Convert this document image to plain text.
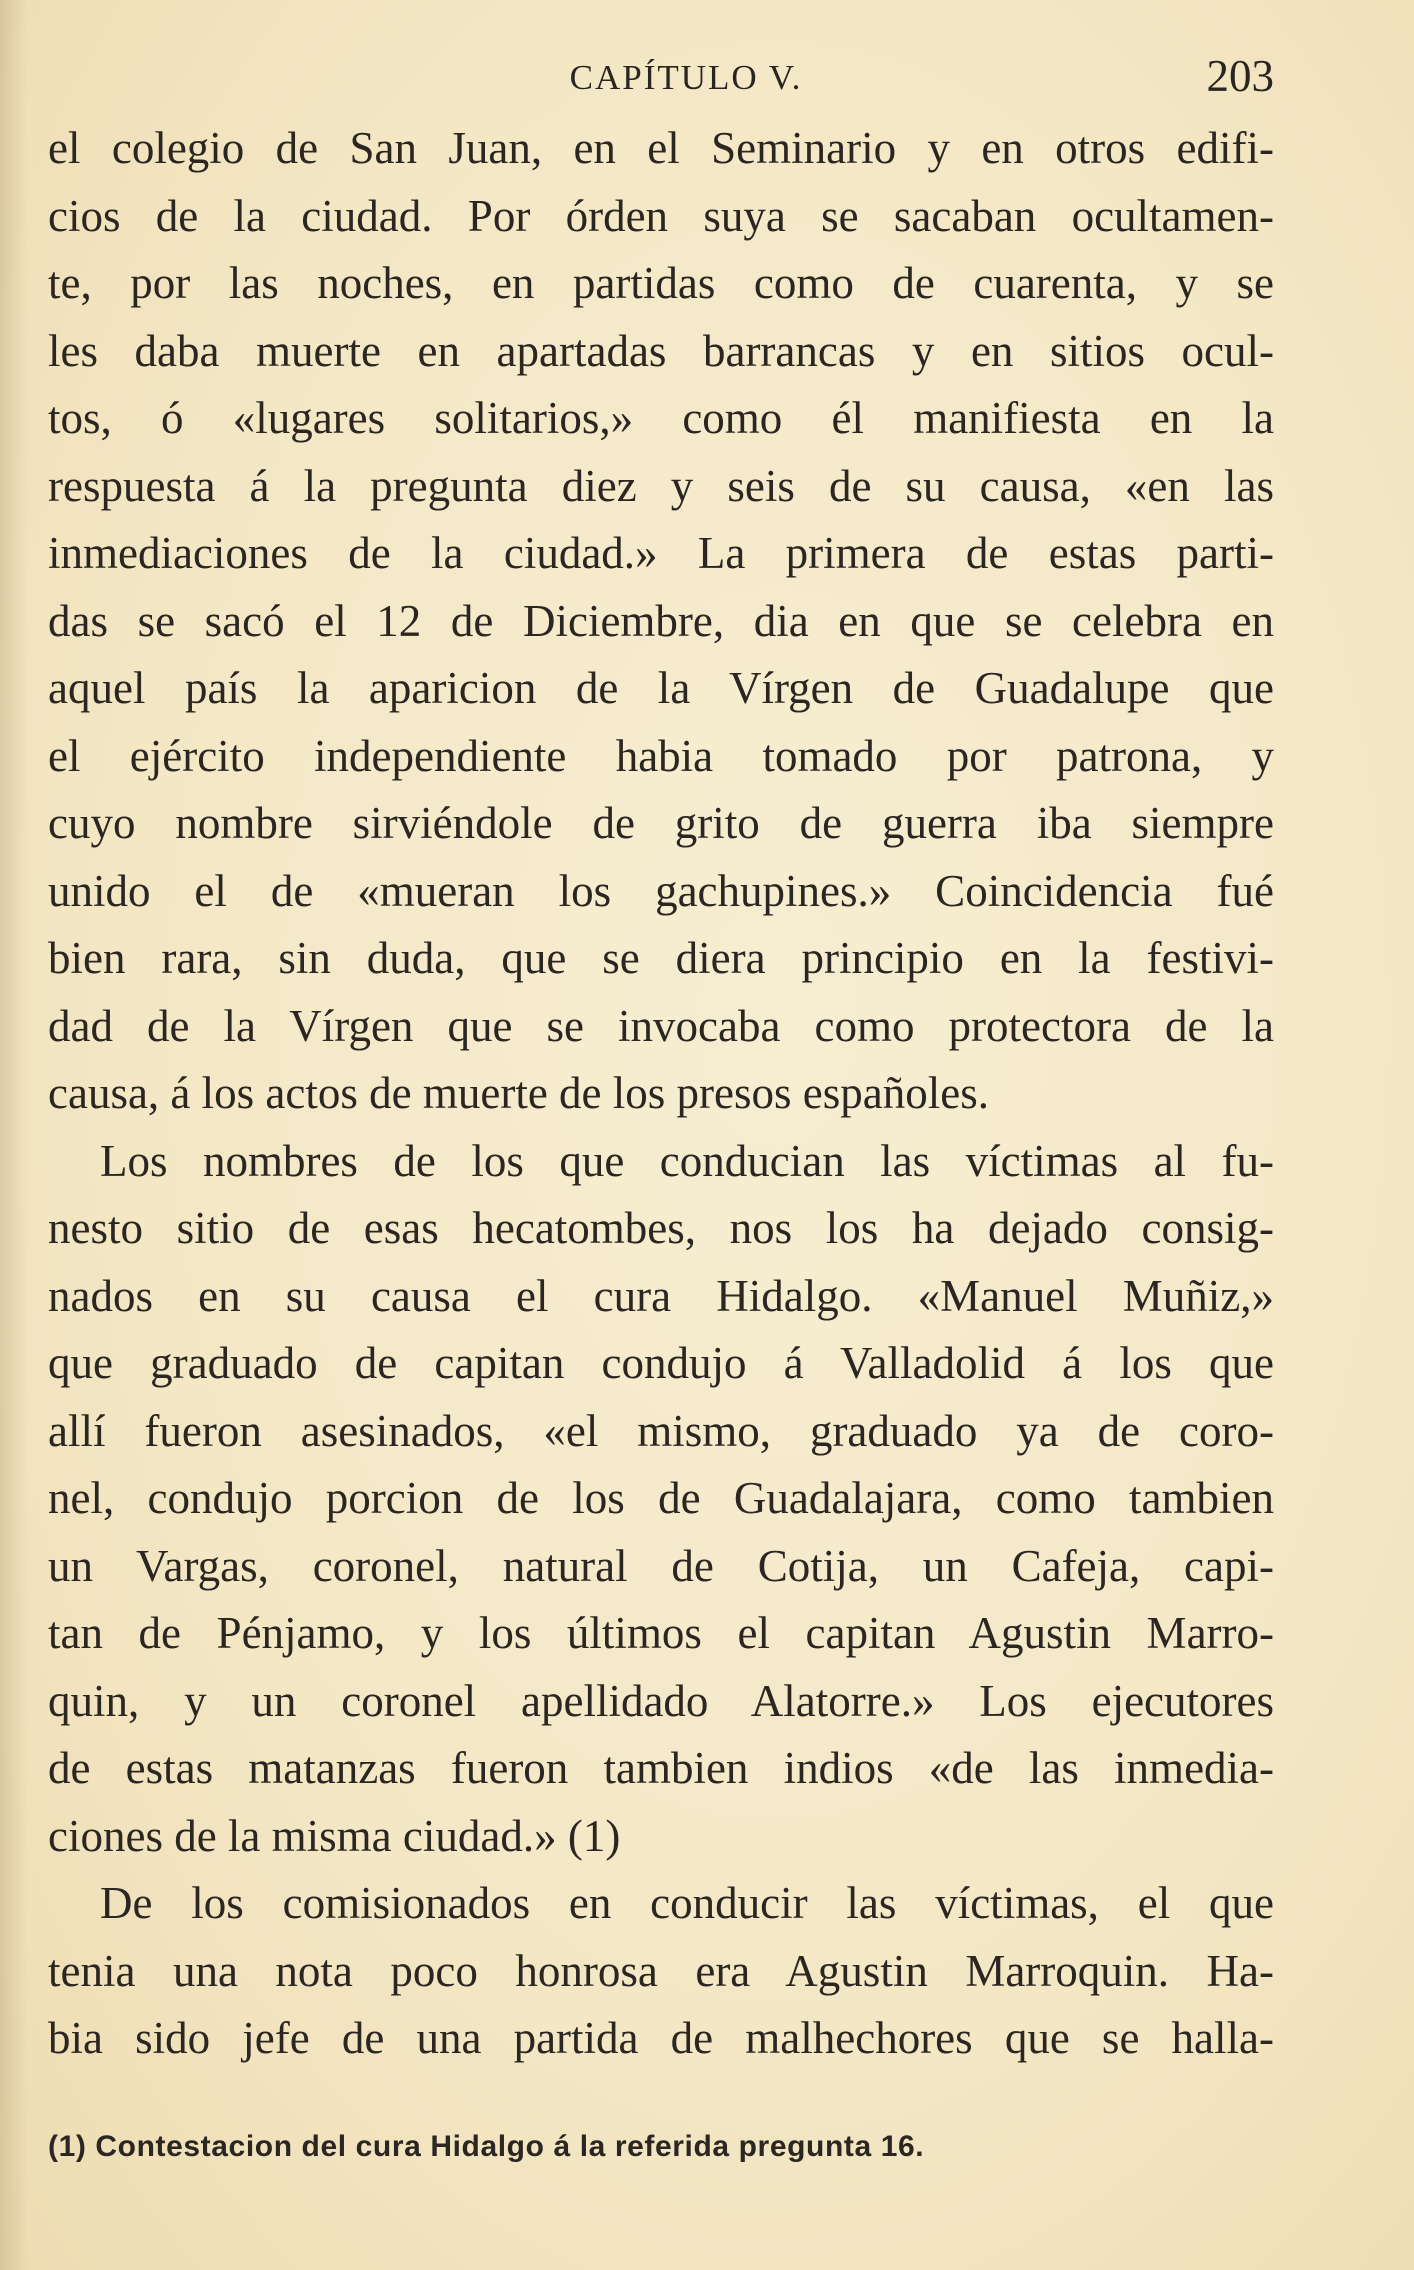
CAPÍTULO V.	203
el colegio de San Juan, en el Seminario y en otros edifi-
cios de la ciudad. Por órden suya se sacaban ocultamen-
te, por las noches, en partidas como de cuarenta, y se
les daba muerte en apartadas barrancas y en sitios ocul-
tos, ó «lugares solitarios,» como él manifiesta en la
respuesta á la pregunta diez y seis de su causa, «en las
inmediaciones de la ciudad.» La primera de estas parti-
das se sacó el 12 de Diciembre, dia en que se celebra en
aquel país la aparicion de la Vírgen de Guadalupe que
el ejército independiente habia tomado por patrona, y
cuyo nombre sirviéndole de grito de guerra iba siempre
unido el de «mueran los gachupines.» Coincidencia fué
bien rara, sin duda, que se diera principio en la festivi-
dad de la Vírgen que se invocaba como protectora de la
causa, á los actos de muerte de los presos españoles.
Los nombres de los que conducian las víctimas al fu-
nesto sitio de esas hecatombes, nos los ha dejado consig-
nados en su causa el cura Hidalgo. «Manuel Muñiz,»
que graduado de capitan condujo á Valladolid á los que
allí fueron asesinados, «el mismo, graduado ya de coro-
nel, condujo porcion de los de Guadalajara, como tambien
un Vargas, coronel, natural de Cotija, un Cafeja, capi-
tan de Pénjamo, y los últimos el capitan Agustin Marro-
quin, y un coronel apellidado Alatorre.» Los ejecutores
de estas matanzas fueron tambien indios «de las inmedia-
ciones de la misma ciudad.» (1)
De los comisionados en conducir las víctimas, el que
tenia una nota poco honrosa era Agustin Marroquin. Ha-
bia sido jefe de una partida de malhechores que se halla-
(1) Contestacion del cura Hidalgo á la referida pregunta 16.
